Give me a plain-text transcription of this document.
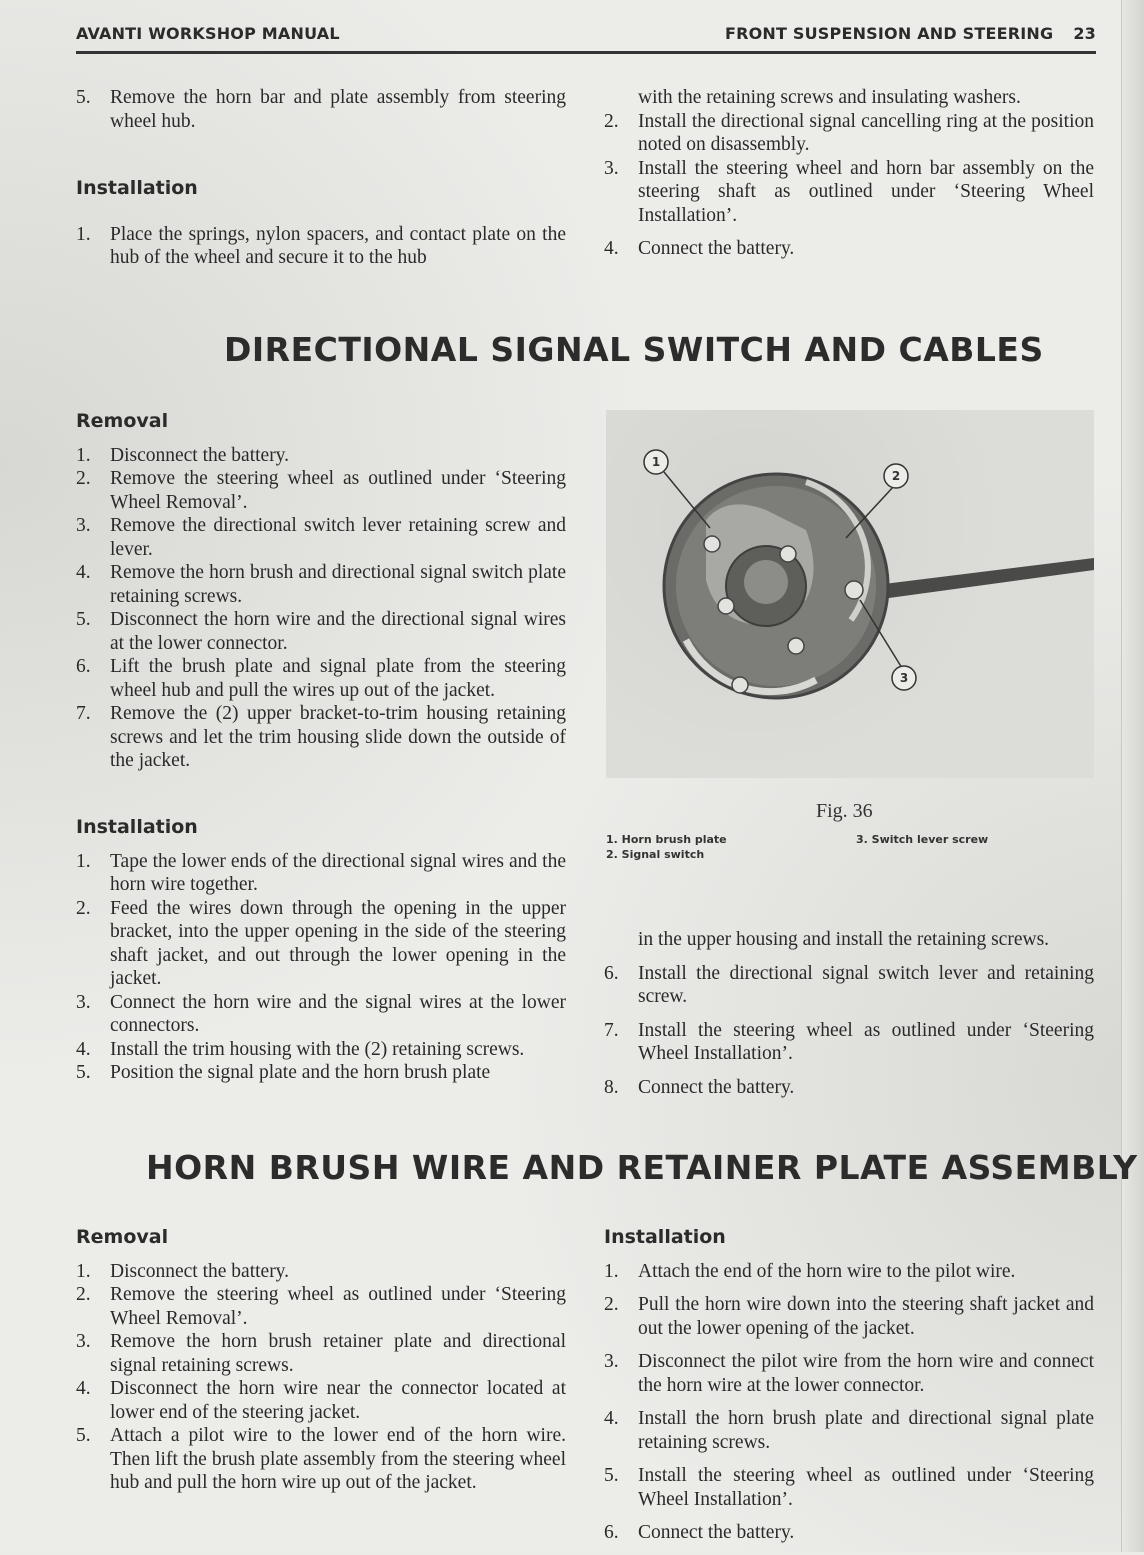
AVANTI WORKSHOP MANUAL	FRONT SUSPENSION AND STEERING 23
5. Remove the horn bar and plate assembly from steering wheel hub.
Installation
1. Place the springs, nylon spacers, and contact plate on the hub of the wheel and secure it to the hub
with the retaining screws and insulating washers.
2. Install the directional signal cancelling ring at the position noted on disassembly.
3. Install the steering wheel and horn bar assembly on the steering shaft as outlined under ‘Steering Wheel Installation’.
4. Connect the battery.
DIRECTIONAL SIGNAL SWITCH AND CABLES
Removal
1. Disconnect the battery.
2. Remove the steering wheel as outlined under ‘Steering Wheel Removal’.
3. Remove the directional switch lever retaining screw and lever.
4. Remove the horn brush and directional signal switch plate retaining screws.
5. Disconnect the horn wire and the directional signal wires at the lower connector.
6. Lift the brush plate and signal plate from the steering wheel hub and pull the wires up out of the jacket.
7. Remove the (2) upper bracket-to-trim housing retaining screws and let the trim housing slide down the outside of the jacket.
Installation
1. Tape the lower ends of the directional signal wires and the horn wire together.
2. Feed the wires down through the opening in the upper bracket, into the upper opening in the side of the steering shaft jacket, and out through the lower opening in the jacket.
3. Connect the horn wire and the signal wires at the lower connectors.
4. Install the trim housing with the (2) retaining screws.
5. Position the signal plate and the horn brush plate
1
2
3
Fig. 36
1. Horn brush plate
2. Signal switch
3. Switch lever screw
in the upper housing and install the retaining screws.
6. Install the directional signal switch lever and retaining screw.
7. Install the steering wheel as outlined under ‘Steering Wheel Installation’.
8. Connect the battery.
HORN BRUSH WIRE AND RETAINER PLATE ASSEMBLY
Removal
1. Disconnect the battery.
2. Remove the steering wheel as outlined under ‘Steering Wheel Removal’.
3. Remove the horn brush retainer plate and directional signal retaining screws.
4. Disconnect the horn wire near the connector located at lower end of the steering jacket.
5. Attach a pilot wire to the lower end of the horn wire. Then lift the brush plate assembly from the steering wheel hub and pull the horn wire up out of the jacket.
Installation
1. Attach the end of the horn wire to the pilot wire.
2. Pull the horn wire down into the steering shaft jacket and out the lower opening of the jacket.
3. Disconnect the pilot wire from the horn wire and connect the horn wire at the lower connector.
4. Install the horn brush plate and directional signal plate retaining screws.
5. Install the steering wheel as outlined under ‘Steering Wheel Installation’.
6. Connect the battery.
